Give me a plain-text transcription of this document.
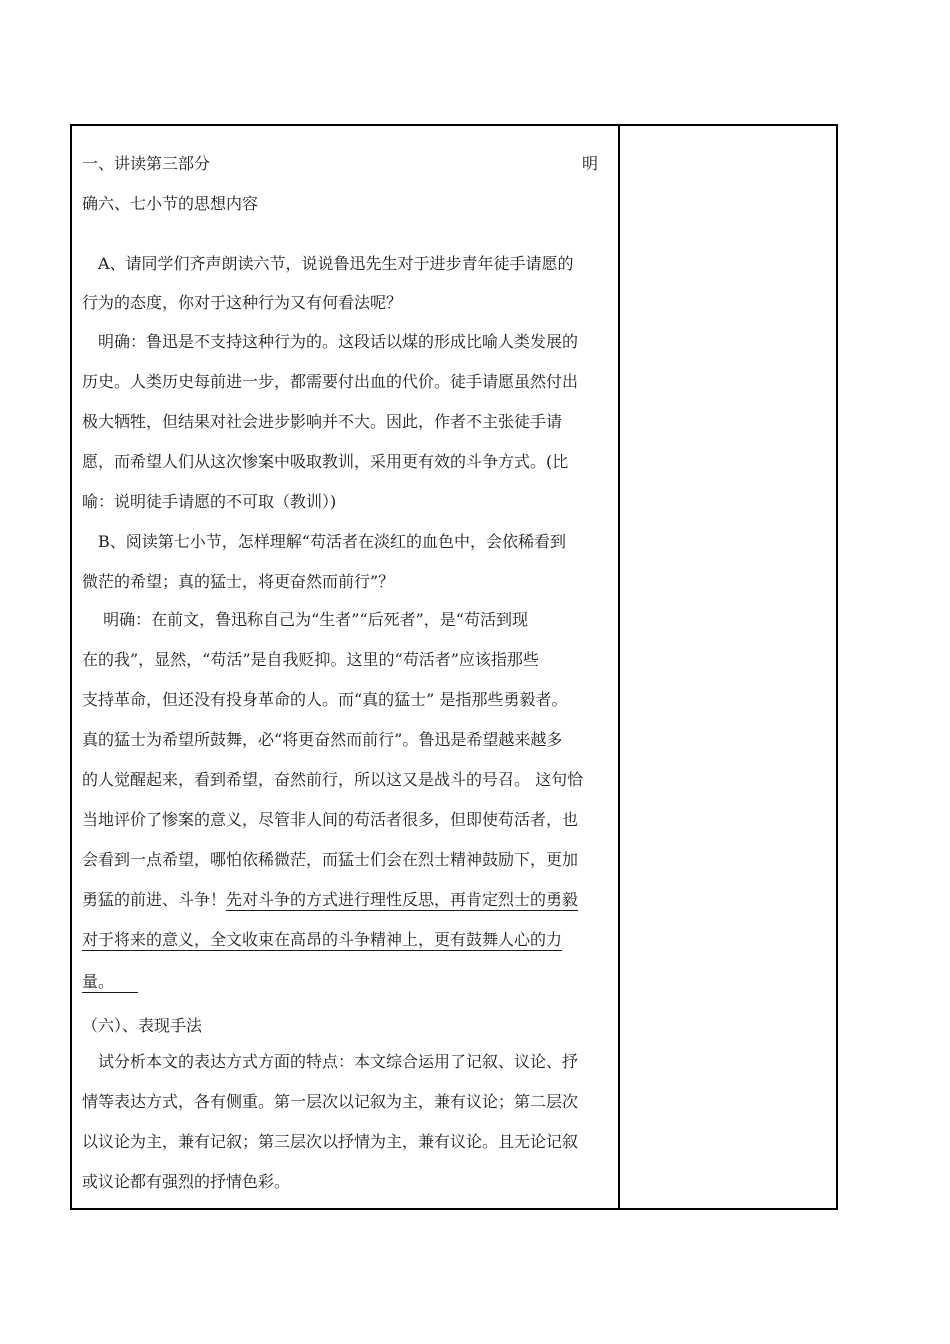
一、讲读第三部分	明
确六、七小节的思想内容
　A、请同学们齐声朗读六节，说说鲁迅先生对于进步青年徒手请愿的
行为的态度，你对于这种行为又有何看法呢？
　明确：鲁迅是不支持这种行为的。这段话以煤的形成比喻人类发展的
历史。人类历史每前进一步，都需要付出血的代价。徒手请愿虽然付出
极大牺牲，但结果对社会进步影响并不大。因此，作者不主张徒手请
愿，而希望人们从这次惨案中吸取教训，采用更有效的斗争方式。(比
喻：说明徒手请愿的不可取（教训）)
　B、阅读第七小节，怎样理解“苟活者在淡红的血色中，会依稀看到
微茫的希望；真的猛士，将更奋然而前行”？
　 明确：在前文，鲁迅称自己为“生者”“后死者”，是“苟活到现
在的我”，显然，“苟活”是自我贬抑。这里的“苟活者”应该指那些
支持革命，但还没有投身革命的人。而“真的猛士” 是指那些勇毅者。
真的猛士为希望所鼓舞，必“将更奋然而前行”。鲁迅是希望越来越多
的人觉醒起来，看到希望，奋然前行，所以这又是战斗的号召。 这句恰
当地评价了惨案的意义，尽管非人间的苟活者很多，但即使苟活者，也
会看到一点希望，哪怕依稀微茫，而猛士们会在烈士精神鼓励下，更加
勇猛的前进、斗争！先对斗争的方式进行理性反思，再肯定烈士的勇毅
对于将来的意义，全文收束在高昂的斗争精神上，更有鼓舞人心的力
量。　　
（六）、表现手法
　试分析本文的表达方式方面的特点：本文综合运用了记叙、议论、抒
情等表达方式，各有侧重。第一层次以记叙为主，兼有议论；第二层次
以议论为主，兼有记叙；第三层次以抒情为主，兼有议论。且无论记叙
或议论都有强烈的抒情色彩。
